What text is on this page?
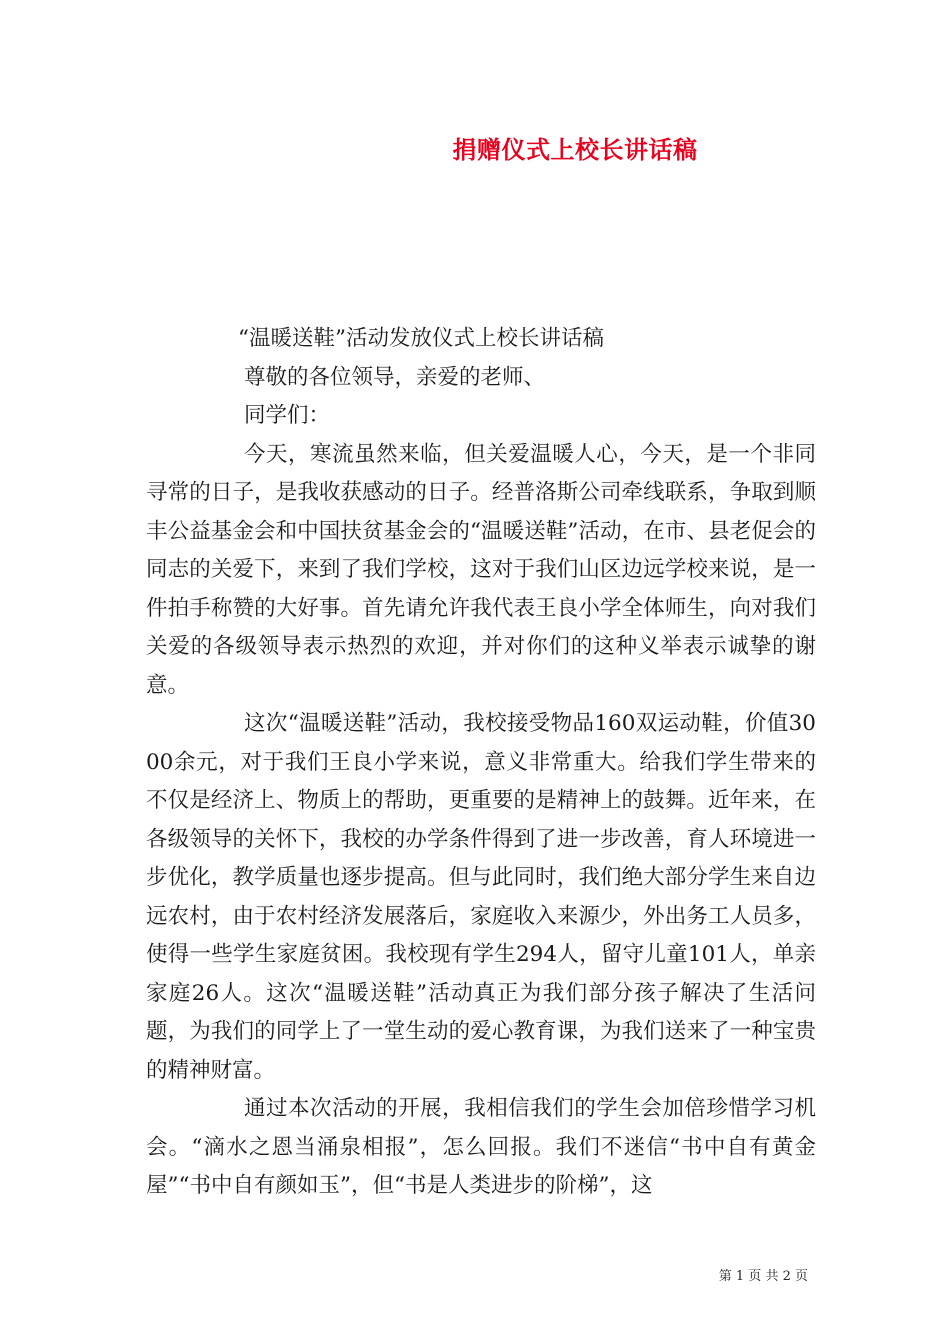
捐赠仪式上校长讲话稿

“温暖送鞋”活动发放仪式上校长讲话稿

尊敬的各位领导，亲爱的老师、

同学们：

今天，寒流虽然来临，但关爱温暖人心，今天，是一个非同寻常的日子，是我收获感动的日子。经普洛斯公司牵线联系，争取到顺丰公益基金会和中国扶贫基金会的“温暖送鞋”活动，在市、县老促会的同志的关爱下，来到了我们学校，这对于我们山区边远学校来说，是一件拍手称赞的大好事。首先请允许我代表王良小学全体师生，向对我们关爱的各级领导表示热烈的欢迎，并对你们的这种义举表示诚挚的谢意。

这次“温暖送鞋”活动，我校接受物品160双运动鞋，价值3000余元，对于我们王良小学来说，意义非常重大。给我们学生带来的不仅是经济上、物质上的帮助，更重要的是精神上的鼓舞。近年来，在各级领导的关怀下，我校的办学条件得到了进一步改善，育人环境进一步优化，教学质量也逐步提高。但与此同时，我们绝大部分学生来自边远农村，由于农村经济发展落后，家庭收入来源少，外出务工人员多，使得一些学生家庭贫困。我校现有学生294人，留守儿童101人，单亲家庭26人。这次“温暖送鞋”活动真正为我们部分孩子解决了生活问题，为我们的同学上了一堂生动的爱心教育课，为我们送来了一种宝贵的精神财富。

通过本次活动的开展，我相信我们的学生会加倍珍惜学习机会。“滴水之恩当涌泉相报”，怎么回报。我们不迷信“书中自有黄金屋”“书中自有颜如玉”，但“书是人类进步的阶梯”，这

第 1 页 共 2 页
